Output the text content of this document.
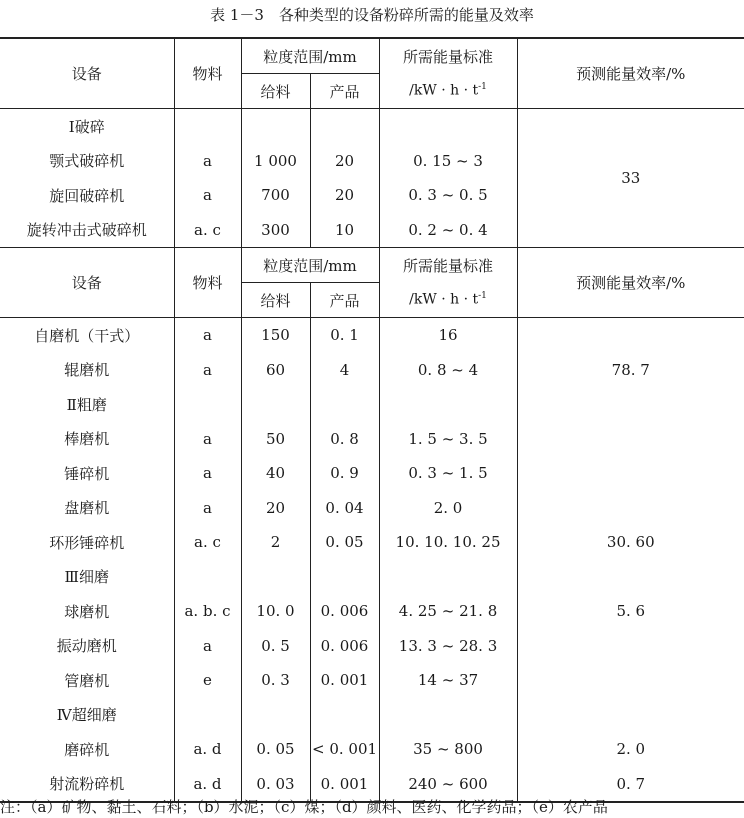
表 1－3　各种类型的设备粉碎所需的能量及效率
设备	物料	粒度范围/mm		所需能量标准	预测能量效率/%
		给料	产品	$/kW \cdot h \cdot t^{-1}$
Ⅰ破碎					33
颚式破碎机	a	1 000	20	0. 15 ~ 3	
旋回破碎机	a	700	20	0. 3 ~ 0. 5	
旋转冲击式破碎机	a. c	300	10	0. 2 ~ 0. 4	
设备	物料	粒度范围/mm		所需能量标准	预测能量效率/%
		给料	产品	$/kW \cdot h \cdot t^{-1}$
自磨机（干式）	a	150	0. 1	16	
辊磨机	a	60	4	0. 8 ~ 4	78. 7
Ⅱ粗磨					
棒磨机	a	50	0. 8	1. 5 ~ 3. 5	
锤碎机	a	40	0. 9	0. 3 ~ 1. 5	
盘磨机	a	20	0. 04	2. 0	
环形锤碎机	a. c	2	0. 05	10. 10. 10. 25	30. 60
Ⅲ细磨					
球磨机	a. b. c	10. 0	0. 006	4. 25 ~ 21. 8	5. 6
振动磨机	a	0. 5	0. 006	13. 3 ~ 28. 3	
管磨机	e	0. 3	0. 001	14 ~ 37	
Ⅳ超细磨					
磨碎机	a. d	0. 05	< 0. 001	35 ~ 800	2. 0
射流粉碎机	a. d	0. 03	0. 001	240 ~ 600	0. 7
注：（a）矿物、黏土、石料；（b）水泥；（c）煤；（d）颜料、医药、化学药品；（e）农产品
